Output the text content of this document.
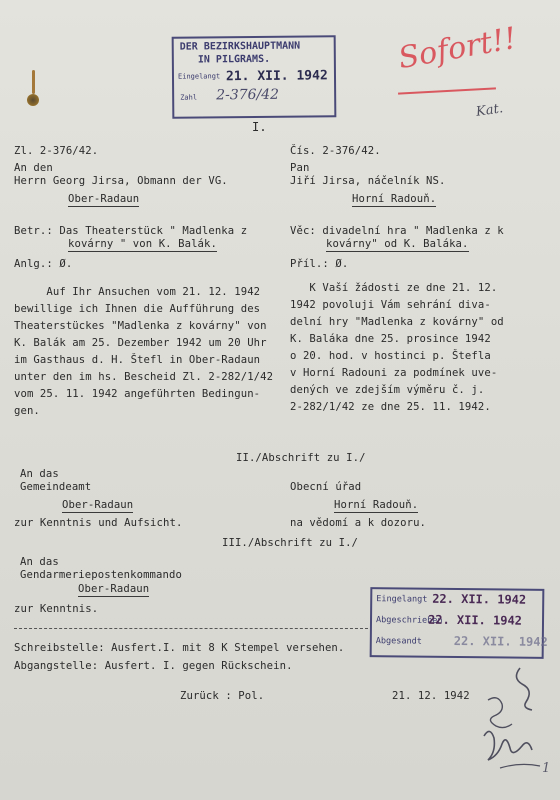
DER BEZIRKSHAUPTMANN
IN PILGRAMS.
Eingelangt 21. XII. 1942
Zahl 2-376/42
Sofort!!
Kat.
I.
Zl. 2-376/42.
An den
Herrn Georg Jirsa, Obmann der VG.
Ober-Radaun
Betr.: Das Theaterstück " Madlenka z
kovárny " von K. Balák.
Anlg.: Ø.
Auf Ihr Ansuchen vom 21. 12. 1942
bewillige ich Ihnen die Aufführung des
Theaterstückes "Madlenka z kovárny" von
K. Balák am 25. Dezember 1942 um 20 Uhr
im Gasthaus d. H. Štefl in Ober-Radaun
unter den im hs. Bescheid Zl. 2-282/1/42
vom 25. 11. 1942 angeführten Bedingun-
gen.
Čís. 2-376/42.
Pan
Jiří Jirsa, náčelník NS.
Horní Radouň.
Věc: divadelní hra " Madlenka z k
kovárny" od K. Baláka.
Příl.: Ø.
K Vaší žádosti ze dne 21. 12.
1942 povoluji Vám sehrání diva-
delní hry "Madlenka z kovárny" od
K. Baláka dne 25. prosince 1942
o 20. hod. v hostinci p. Štefla
v Horní Radouni za podmínek uve-
dených ve zdejším výměru č. j.
2-282/1/42 ze dne 25. 11. 1942.
II./Abschrift zu I./
An das
Gemeindeamt
Ober-Radaun
zur Kenntnis und Aufsicht.
Obecní úřad
Horní Radouň.
na vědomí a k dozoru.
III./Abschrift zu I./
An das
Gendarmeriepostenkommando
Ober-Radaun
zur Kenntnis.
Eingelangt 22. XII. 1942
Abgeschrieben
22. XII. 1942
Abgesandt	22. XII. 1942
Schreibstelle: Ausfert.I. mit 8 K Stempel versehen.
Abgangstelle: Ausfert. I. gegen Rückschein.
Zurück : Pol.	21. 12. 1942
1
